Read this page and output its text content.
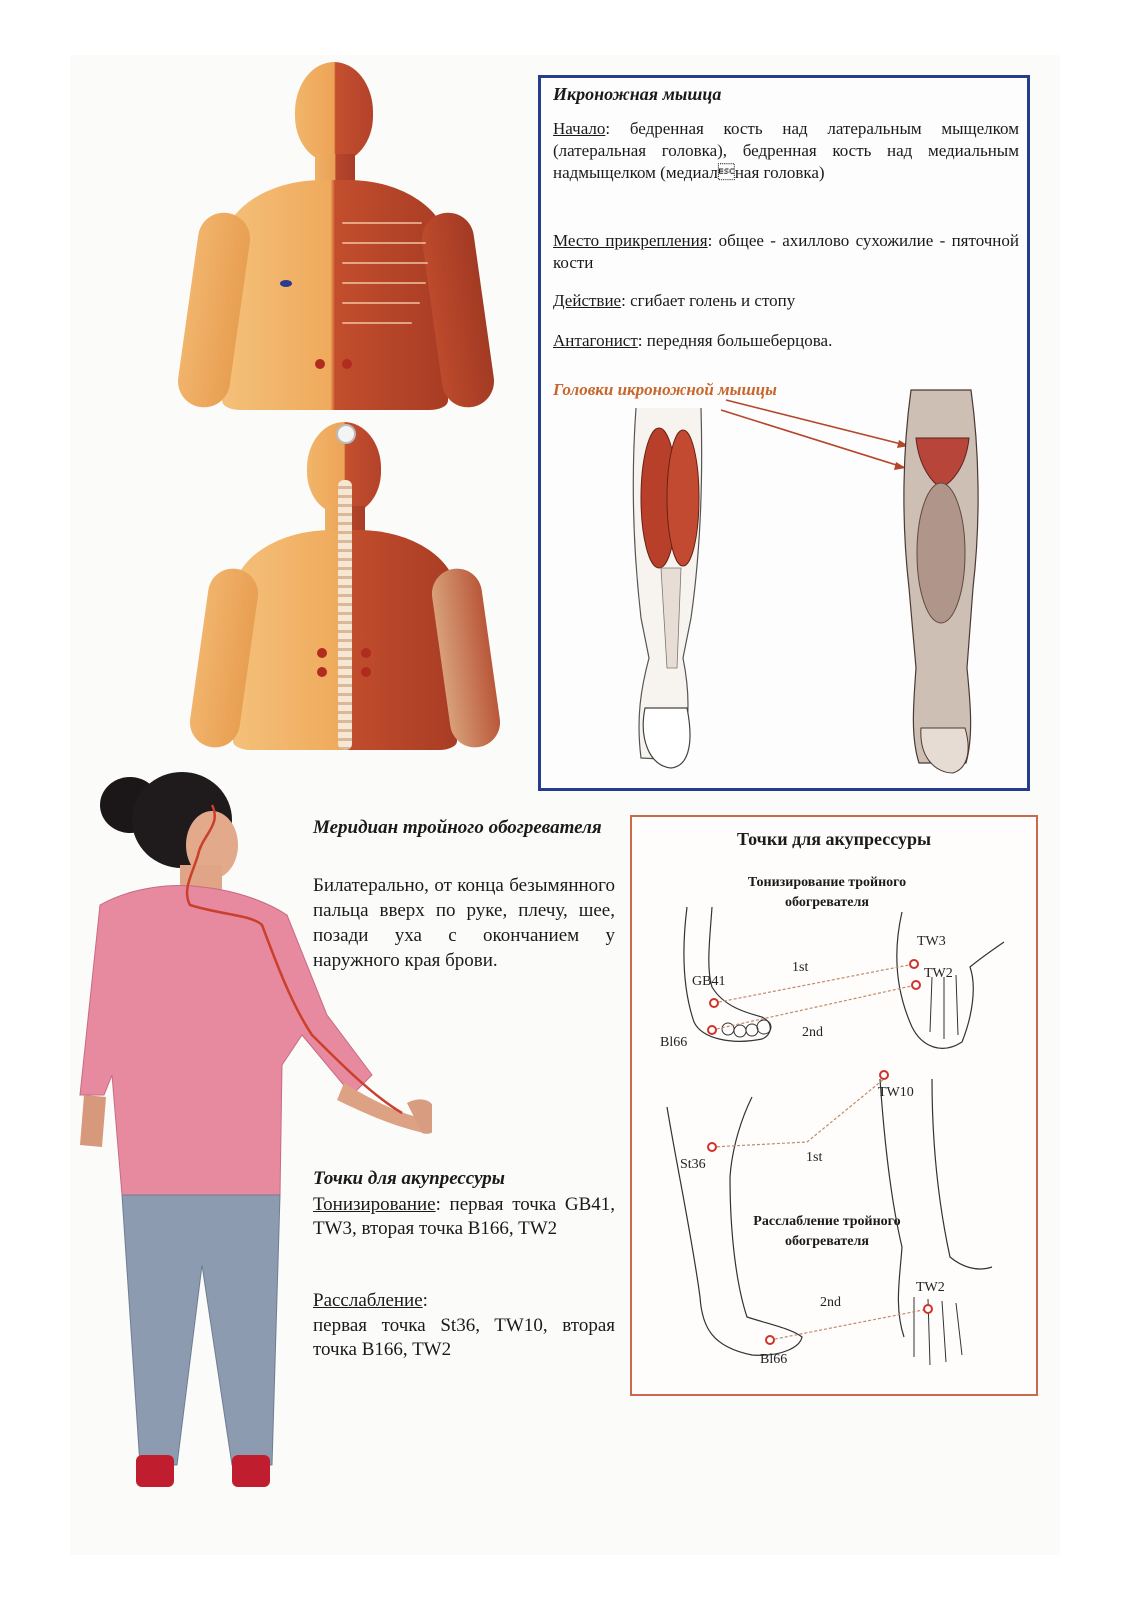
Икроножная мышца
Начало: бедренная кость над латеральным мыщелком (латеральная головка), бедренная кость над медиальным надмыщелком (медиалная головка)
Место прикрепления: общее - ахиллово сухожилие - пяточной кости
Действие: сгибает голень и стопу
Антагонист: передняя большеберцова.
Головки икроножной мышцы
Меридиан тройного обогревателя
Билатерально, от конца безымянного пальца вверх по руке, плечу, шее, позади уха с окончанием у наружного края брови.
Точки для акупрессуры
Тонизирование: первая точка GB41, TW3, вторая точка B166, TW2
Расслабление:
первая точка St36, TW10, вторая точка B166, TW2
Точки для акупрессуры
Тонизирование тройного обогревателя
Расслабление тройного обогревателя
GB41
Bl66
TW3
TW2
1st
2nd
St36
TW10
1st
2nd
TW2
Bl66
